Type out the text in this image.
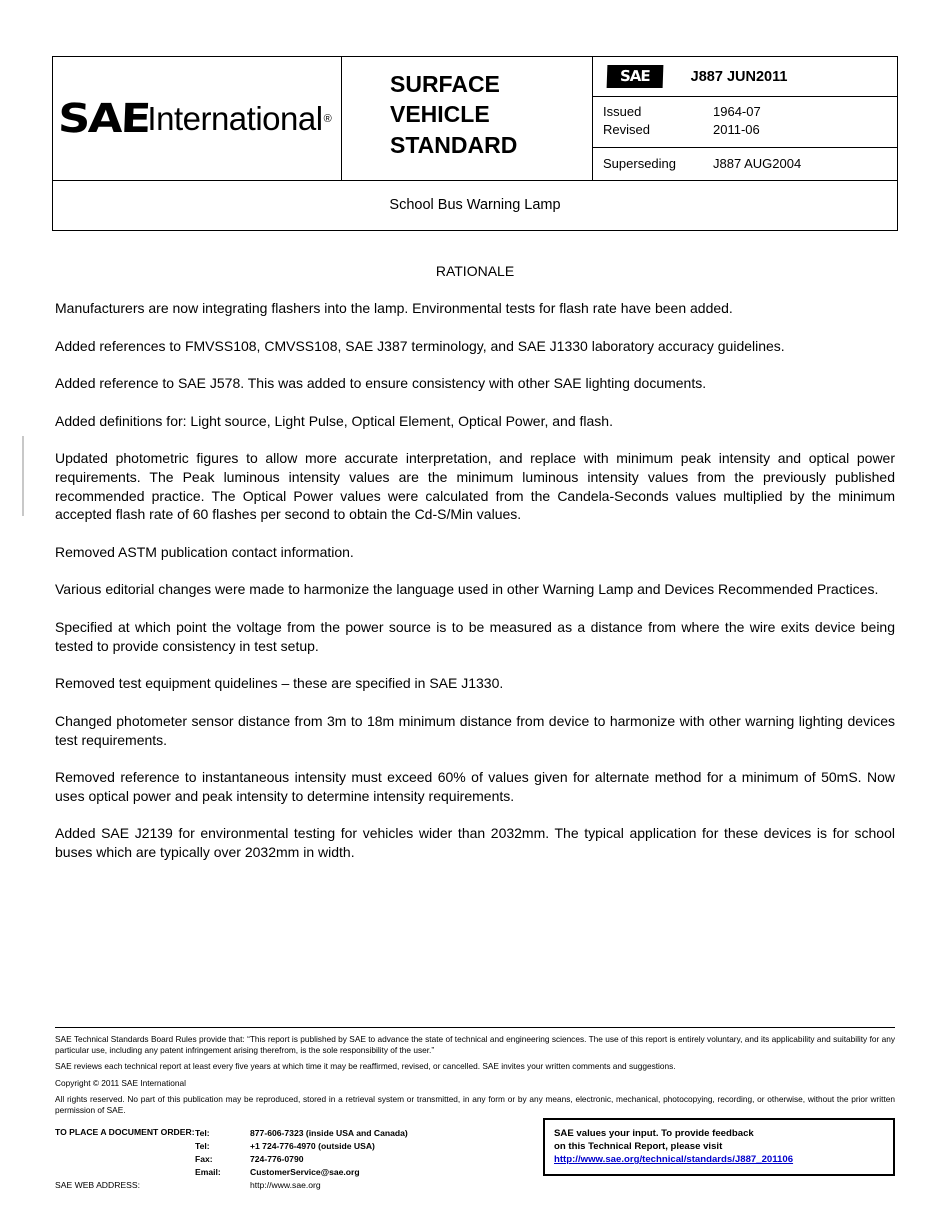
SAE
International ®
SURFACE VEHICLE STANDARD
SAE	J887 JUN2011
Issued	1964-07
Revised	2011-06
Superseding	J887 AUG2004
School Bus Warning Lamp
RATIONALE

Manufacturers are now integrating flashers into the lamp. Environmental tests for flash rate have been added.

Added references to FMVSS108, CMVSS108, SAE J387 terminology, and SAE J1330 laboratory accuracy guidelines.

Added reference to SAE J578. This was added to ensure consistency with other SAE lighting documents.

Added definitions for: Light source, Light Pulse, Optical Element, Optical Power, and flash.

Updated photometric figures to allow more accurate interpretation, and replace with minimum peak intensity and optical power requirements. The Peak luminous intensity values are the minimum luminous intensity values from the previously published recommended practice. The Optical Power values were calculated from the Candela-Seconds values multiplied by the minimum accepted flash rate of 60 flashes per second to obtain the Cd-S/Min values.

Removed ASTM publication contact information.

Various editorial changes were made to harmonize the language used in other Warning Lamp and Devices Recommended Practices.

Specified at which point the voltage from the power source is to be measured as a distance from where the wire exits device being tested to provide consistency in test setup.

Removed test equipment quidelines – these are specified in SAE J1330.

Changed photometer sensor distance from 3m to 18m minimum distance from device to harmonize with other warning lighting devices test requirements.

Removed reference to instantaneous intensity must exceed 60% of values given for alternate method for a minimum of 50mS. Now uses optical power and peak intensity to determine intensity requirements.

Added SAE J2139 for environmental testing for vehicles wider than 2032mm. The typical application for these devices is for school buses which are typically over 2032mm in width.

SAE Technical Standards Board Rules provide that: “This report is published by SAE to advance the state of technical and engineering sciences. The use of this report is entirely voluntary, and its applicability and suitability for any particular use, including any patent infringement arising therefrom, is the sole responsibility of the user.”

SAE reviews each technical report at least every five years at which time it may be reaffirmed, revised, or cancelled. SAE invites your written comments and suggestions.

Copyright © 2011 SAE International

All rights reserved. No part of this publication may be reproduced, stored in a retrieval system or transmitted, in any form or by any means, electronic, mechanical, photocopying, recording, or otherwise, without the prior written permission of SAE.

TO PLACE A DOCUMENT ORDER: Tel:	877-606-7323 (inside USA and Canada)
Tel:	+1 724-776-4970 (outside USA)
Fax:	724-776-0790
Email:	CustomerService@sae.org
SAE WEB ADDRESS:	http://www.sae.org
SAE values your input. To provide feedback
on this Technical Report, please visit
http://www.sae.org/technical/standards/J887_201106
